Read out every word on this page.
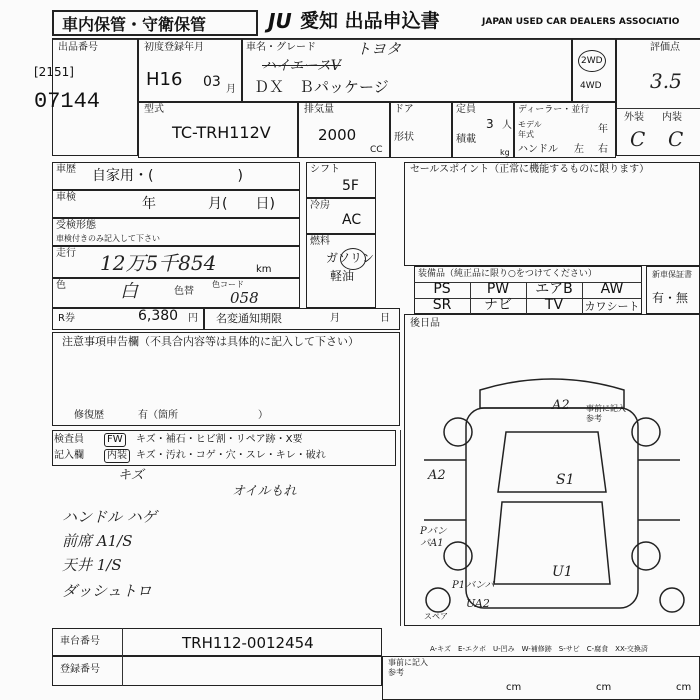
車内保管・守衛保管	JU 愛知 出品申込書	JAPAN USED CAR DEALERS ASSOCIATIO
出品番号
[2151]
07144
初度登録年月
H16 03 月
車名・グレード	トヨタ
ハイエースV
ＤＸ　Ｂパッケージ
2WD
4WD
評価点
3.5
外装 内装
C C
型式
TC-TRH112V
排気量
2000
CC
ドア
形状
定員
3 人
積載
kg
ディーラー・並行
モデル年式	年
ハンドル 左 右
車歴 自家用・(　　　　　　)
車検	年	月(　　日)
受検形態
車検付きのみ記入して下さい
走行 12万5千854	km
色	白	色替
色コード
058
シフト
5F
冷房
AC
燃料
ガソリン
軽油
セールスポイント（正常に機能するものに限ります）
装備品（純正品に限り○をつけてください）
PS	PW	エアB	AW
SR	ナビ	TV	カワシート
新車保証書
有・無
R券	6,380 円 名変通知期限	月	日
注意事項申告欄（不具合内容等は具体的に記入して下さい）
修復歴	有（箇所　　　　　　　　）
検査員
記入欄
FW	キズ・補石・ヒビ割・リペア跡・X要
内装 キズ・汚れ・コゲ・穴・スレ・キレ・破れ
キズ
オイルもれ
ハンドル ハゲ
前席 A1/S
天井 1/S
ダッシュトロ
後日品
事前に記入
参考
A2
S1
A2
PバンパA1
U1
P1バンパ
UA2
スペア
A-キズ　E-エクボ　U-凹み　W-補修跡　S-サビ　C-腐食　XX-交換済
車台番号	TRH112-0012454
登録番号
事前に記入
参考
cm	cm	cm
